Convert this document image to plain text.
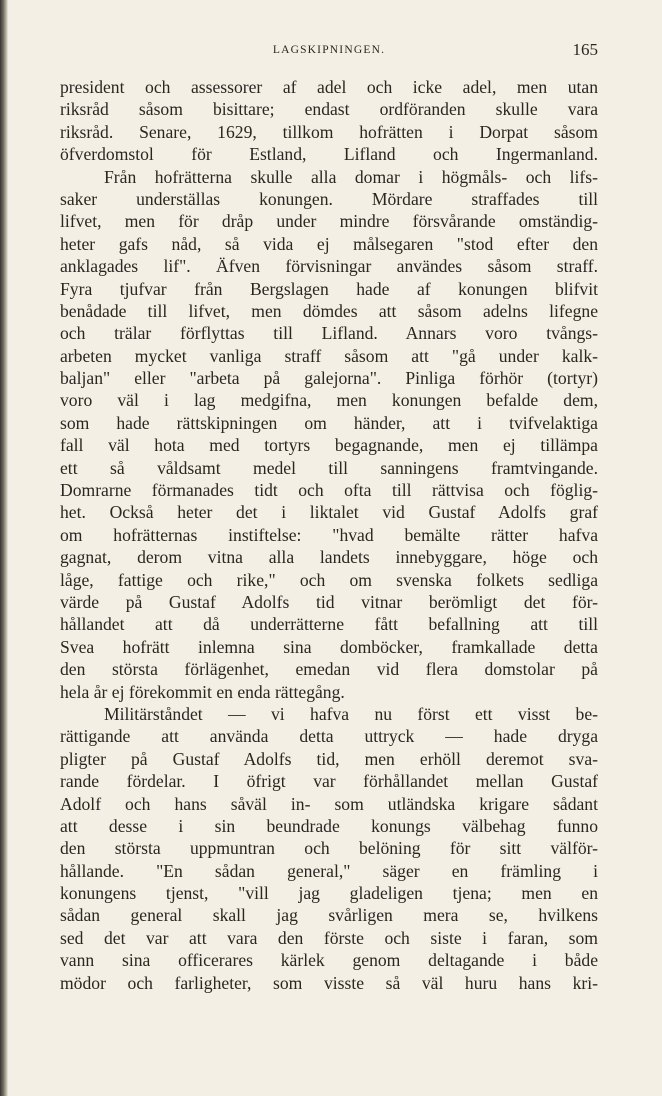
LAGSKIPNINGEN.	165
president och assessorer af adel och icke adel, men utan
riksråd såsom bisittare; endast ordföranden skulle vara
riksråd. Senare, 1629, tillkom hofrätten i Dorpat såsom
öfverdomstol för Estland, Lifland och Ingermanland.
Från hofrätterna skulle alla domar i högmåls- och lifs-
saker underställas konungen. Mördare straffades till
lifvet, men för dråp under mindre försvårande omständig-
heter gafs nåd, så vida ej målsegaren "stod efter den
anklagades lif". Äfven förvisningar användes såsom straff.
Fyra tjufvar från Bergslagen hade af konungen blifvit
benådade till lifvet, men dömdes att såsom adelns lifegne
och trälar förflyttas till Lifland. Annars voro tvångs-
arbeten mycket vanliga straff såsom att "gå under kalk-
baljan" eller "arbeta på galejorna". Pinliga förhör (tortyr)
voro väl i lag medgifna, men konungen befalde dem,
som hade rättskipningen om händer, att i tvifvelaktiga
fall väl hota med tortyrs begagnande, men ej tillämpa
ett så våldsamt medel till sanningens framtvingande.
Domrarne förmanades tidt och ofta till rättvisa och föglig-
het. Också heter det i liktalet vid Gustaf Adolfs graf
om hofrätternas instiftelse: "hvad bemälte rätter hafva
gagnat, derom vitna alla landets innebyggare, höge och
låge, fattige och rike," och om svenska folkets sedliga
värde på Gustaf Adolfs tid vitnar berömligt det för-
hållandet att då underrätterne fått befallning att till
Svea hofrätt inlemna sina domböcker, framkallade detta
den största förlägenhet, emedan vid flera domstolar på
hela år ej förekommit en enda rättegång.
Militärståndet — vi hafva nu först ett visst be-
rättigande att använda detta uttryck — hade dryga
pligter på Gustaf Adolfs tid, men erhöll deremot sva-
rande fördelar. I öfrigt var förhållandet mellan Gustaf
Adolf och hans såväl in- som utländska krigare sådant
att desse i sin beundrade konungs välbehag funno
den största uppmuntran och belöning för sitt välför-
hållande. "En sådan general," säger en främling i
konungens tjenst, "vill jag gladeligen tjena; men en
sådan general skall jag svårligen mera se, hvilkens
sed det var att vara den förste och siste i faran, som
vann sina officerares kärlek genom deltagande i både
mödor och farligheter, som visste så väl huru hans kri-
